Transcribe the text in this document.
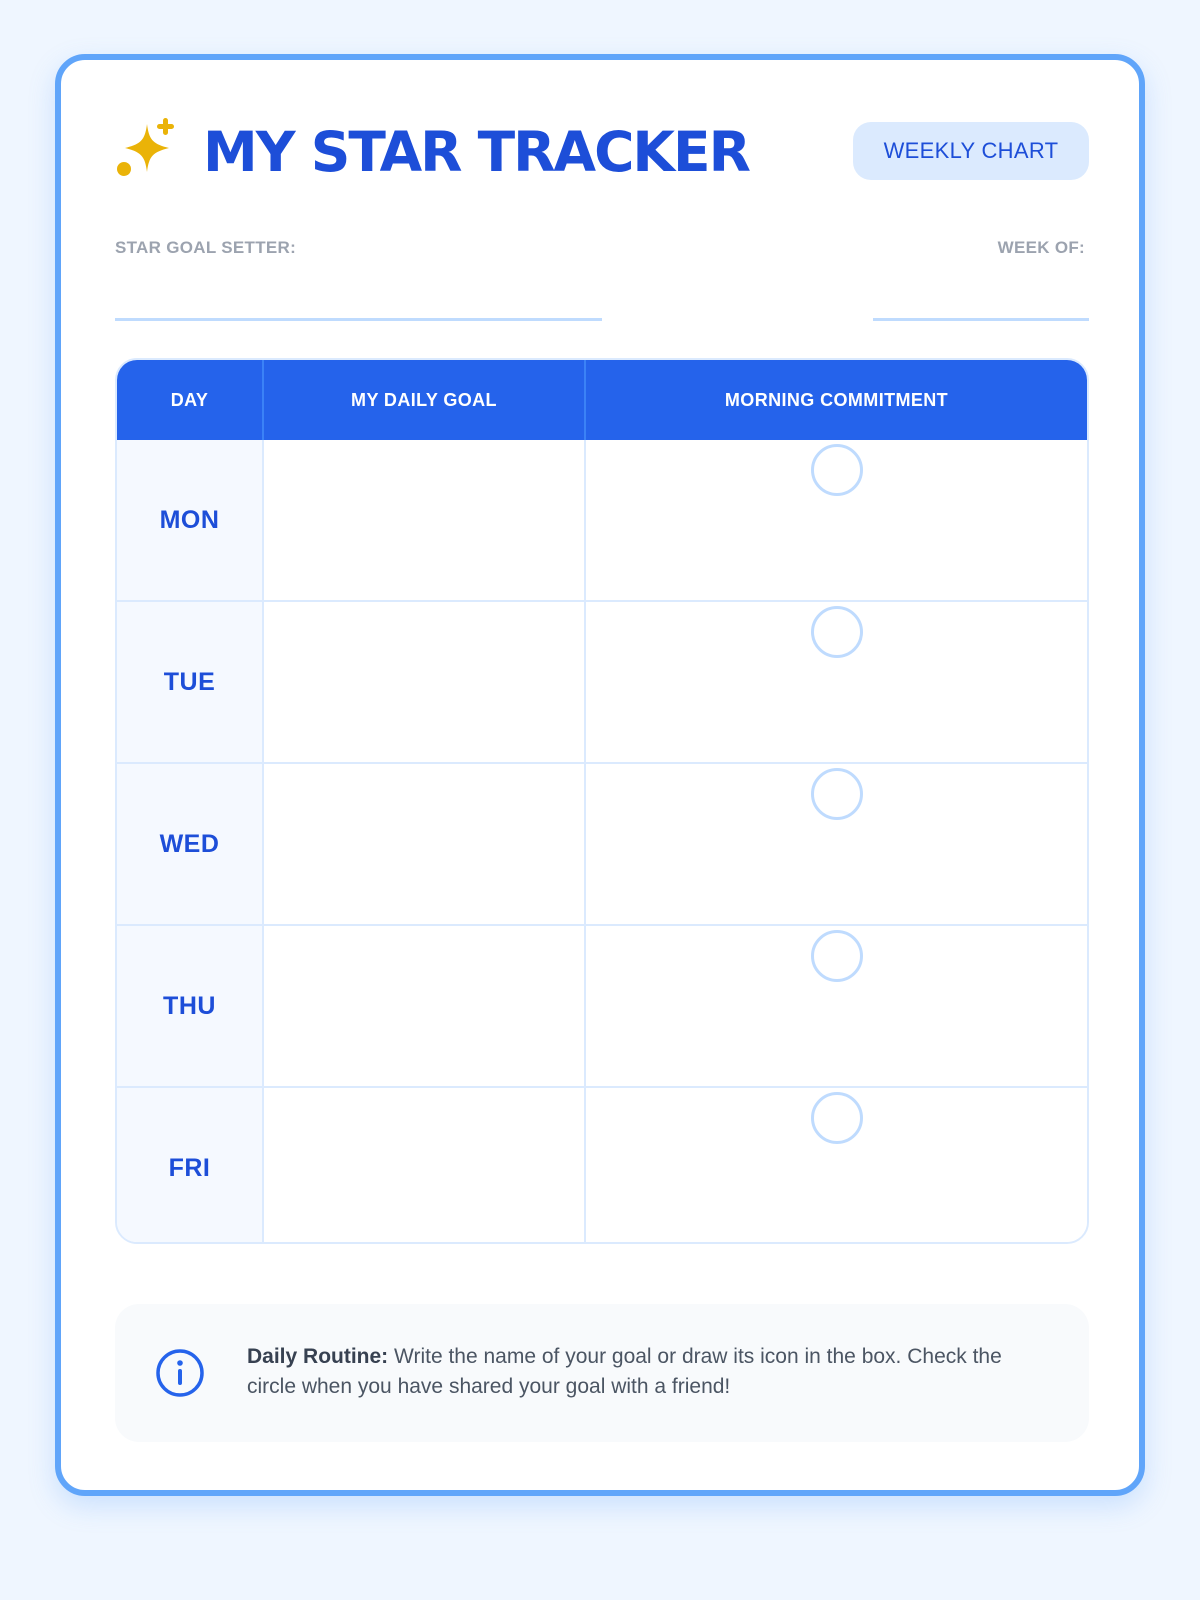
MY STAR TRACKER	WEEKLY CHART
STAR GOAL SETTER:	WEEK OF:
DAY	MY DAILY GOAL	MORNING COMMITMENT
MON		
TUE		
WED		
THU		
FRI		

Daily Routine: Write the name of your goal or draw its icon in the box. Check the circle when you have shared your goal with a friend!
